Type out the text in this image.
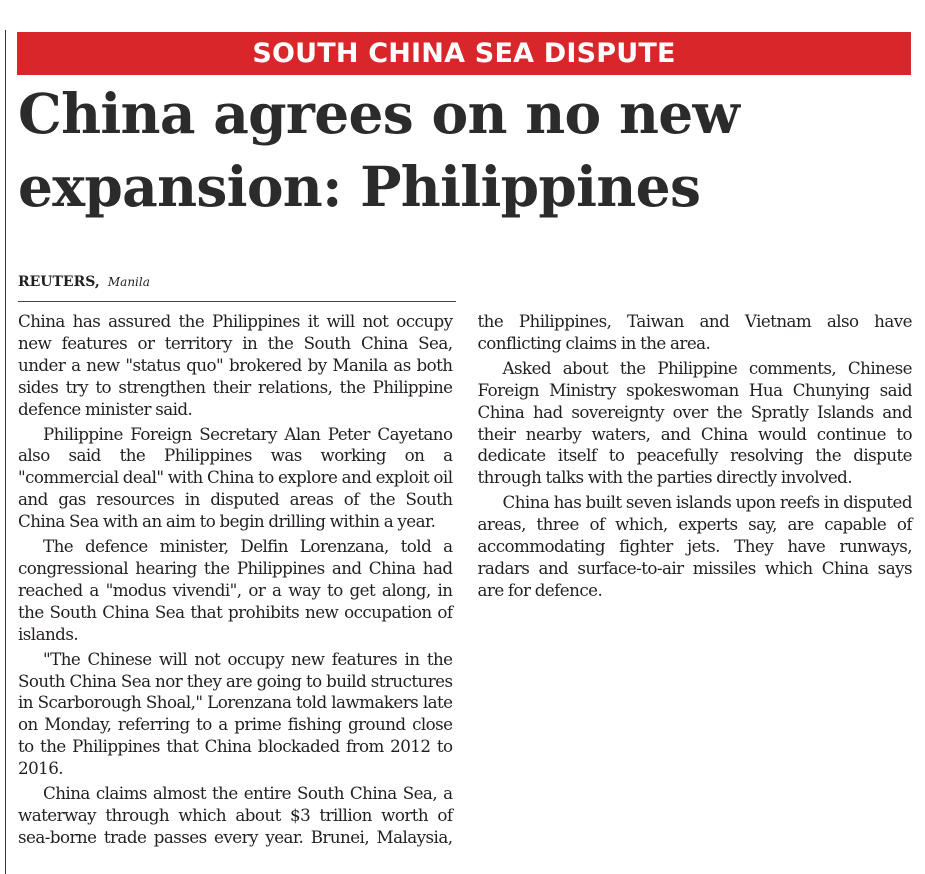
SOUTH CHINA SEA DISPUTE
China agrees on no new expansion: Philippines
REUTERS, Manila

China has assured the Philippines it will not occupy new features or territory in the South China Sea, under a new "status quo" brokered by Manila as both sides try to strengthen their relations, the Philippine defence minister said.

Philippine Foreign Secretary Alan Peter Cayetano also said the Philippines was working on a "commercial deal" with China to explore and exploit oil and gas resources in disputed areas of the South China Sea with an aim to begin drilling within a year.

The defence minister, Delfin Lorenzana, told a congressional hearing the Philippines and China had reached a "modus vivendi", or a way to get along, in the South China Sea that prohibits new occupation of islands.

"The Chinese will not occupy new features in the South China Sea nor they are going to build structures in Scarborough Shoal," Lorenzana told lawmakers late on Monday, referring to a prime fishing ground close to the Philippines that China blockaded from 2012 to 2016.

China claims almost the entire South China Sea, a waterway through which about $3 trillion worth of sea-borne trade passes every year. Brunei, Malaysia, the Philippines, Taiwan and Vietnam also have conflicting claims in the area.

Asked about the Philippine comments, Chinese Foreign Ministry spokeswoman Hua Chunying said China had sovereignty over the Spratly Islands and their nearby waters, and China would continue to dedicate itself to peacefully resolving the dispute through talks with the parties directly involved.

China has built seven islands upon reefs in disputed areas, three of which, experts say, are capable of accommodating fighter jets. They have runways, radars and surface-to-air missiles which China says are for defence.
